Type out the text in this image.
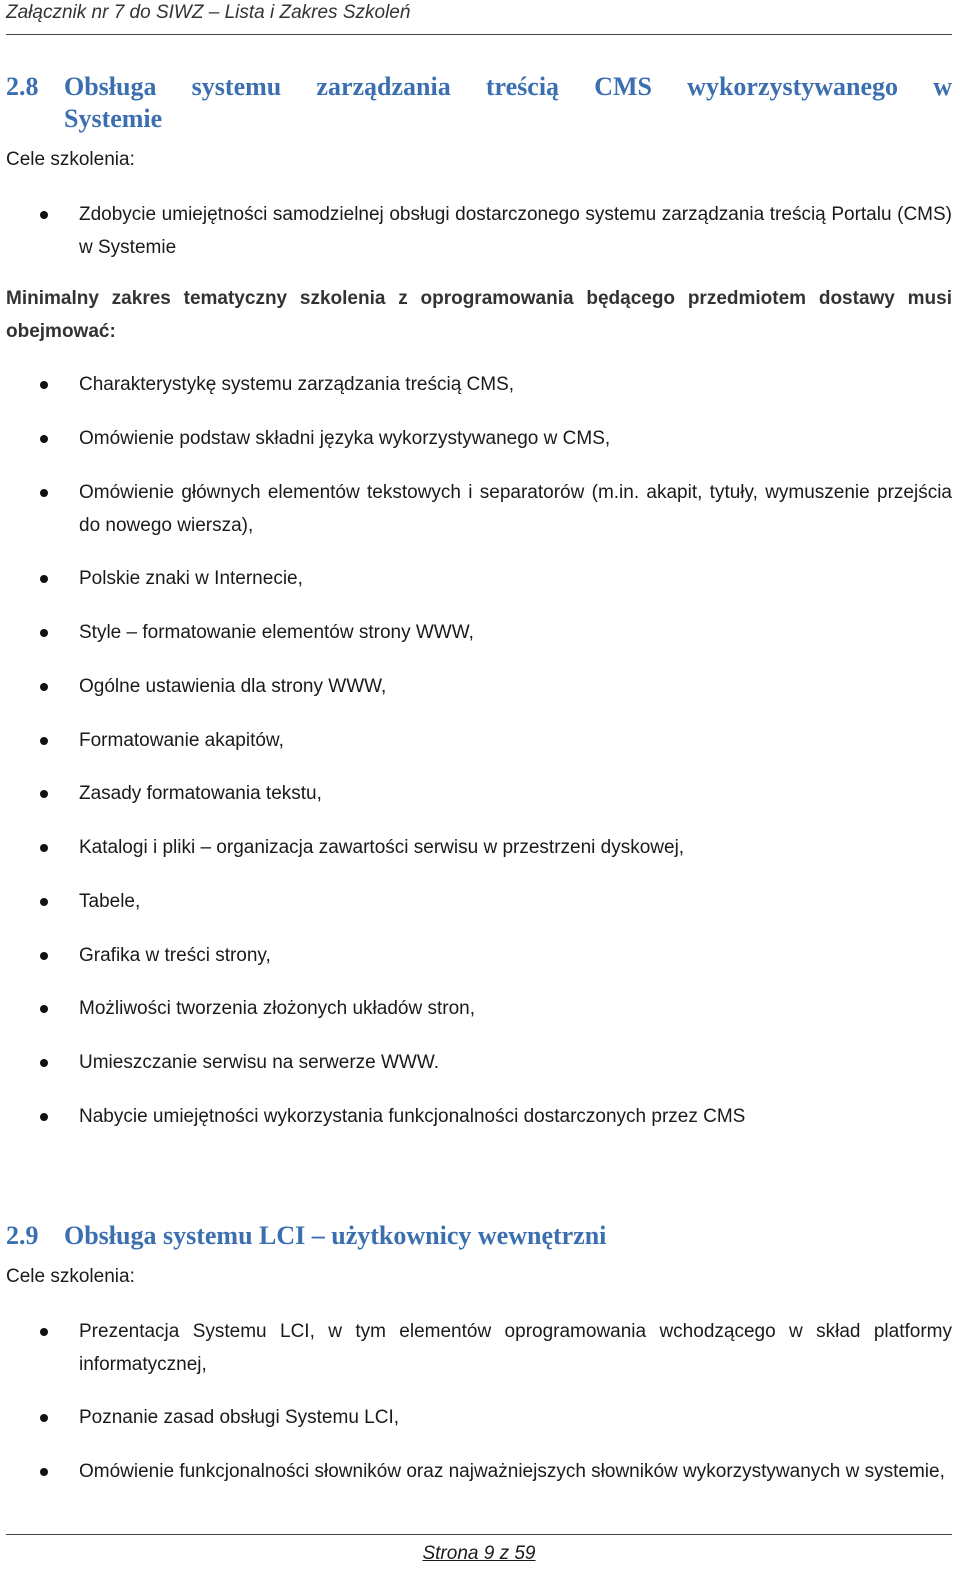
Załącznik nr 7 do SIWZ – Lista i Zakres Szkoleń
2.8 Obsługa systemu zarządzania treścią CMS wykorzystywanego w
Systemie
Cele szkolenia:
Zdobycie umiejętności samodzielnej obsługi dostarczonego systemu zarządzania treścią Portalu (CMS) w Systemie
Minimalny zakres tematyczny szkolenia z oprogramowania będącego przedmiotem dostawy musi obejmować:
Charakterystykę systemu zarządzania treścią CMS,
Omówienie podstaw składni języka wykorzystywanego w CMS,
Omówienie głównych elementów tekstowych i separatorów (m.in. akapit, tytuły, wymuszenie przejścia do nowego wiersza),
Polskie znaki w Internecie,
Style – formatowanie elementów strony WWW,
Ogólne ustawienia dla strony WWW,
Formatowanie akapitów,
Zasady formatowania tekstu,
Katalogi i pliki – organizacja zawartości serwisu w przestrzeni dyskowej,
Tabele,
Grafika w treści strony,
Możliwości tworzenia złożonych układów stron,
Umieszczanie serwisu na serwerze WWW.
Nabycie umiejętności wykorzystania funkcjonalności dostarczonych przez CMS
2.9 Obsługa systemu LCI – użytkownicy wewnętrzni
Cele szkolenia:
Prezentacja Systemu LCI, w tym elementów oprogramowania wchodzącego w skład platformy informatycznej,
Poznanie zasad obsługi Systemu LCI,
Omówienie funkcjonalności słowników oraz najważniejszych słowników wykorzystywanych w systemie,
Strona 9 z 59
